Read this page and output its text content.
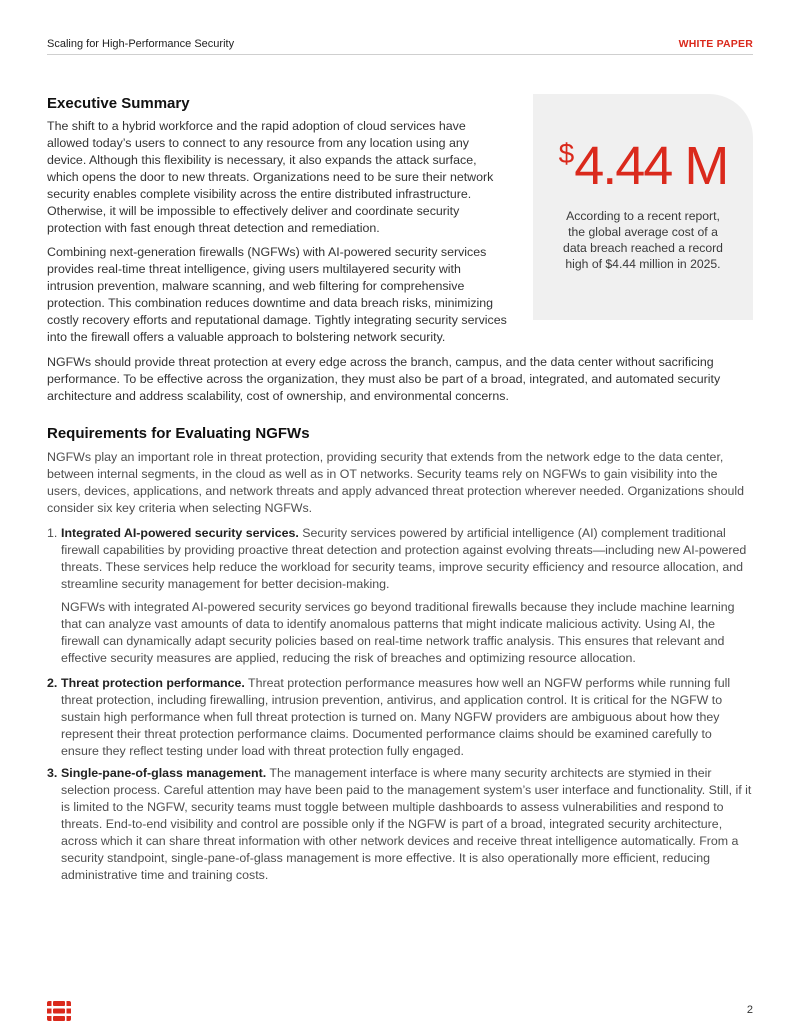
Scaling for High-Performance Security	WHITE PAPER
Executive Summary

The shift to a hybrid workforce and the rapid adoption of cloud services have allowed today’s users to connect to any resource from any location using any device. Although this flexibility is necessary, it also expands the attack surface, which opens the door to new threats. Organizations need to be sure their network security enables complete visibility across the entire distributed infrastructure. Otherwise, it will be impossible to effectively deliver and coordinate security protection with fast enough threat detection and remediation.

Combining next-generation firewalls (NGFWs) with AI-powered security services provides real-time threat intelligence, giving users multilayered security with intrusion prevention, malware scanning, and web filtering for comprehensive protection. This combination reduces downtime and data breach risks, minimizing costly recovery efforts and reputational damage. Tightly integrating security services into the firewall offers a valuable approach to bolstering network security.

$4.44 M

According to a recent report, the global average cost of a data breach reached a record high of $4.44 million in 2025.

NGFWs should provide threat protection at every edge across the branch, campus, and the data center without sacrificing performance. To be effective across the organization, they must also be part of a broad, integrated, and automated security architecture and address scalability, cost of ownership, and environmental concerns.

Requirements for Evaluating NGFWs

NGFWs play an important role in threat protection, providing security that extends from the network edge to the data center, between internal segments, in the cloud as well as in OT networks. Security teams rely on NGFWs to gain visibility into the users, devices, applications, and network threats and apply advanced threat protection wherever needed. Organizations should consider six key criteria when selecting NGFWs.

1. Integrated AI-powered security services. Security services powered by artificial intelligence (AI) complement traditional firewall capabilities by providing proactive threat detection and protection against evolving threats—including new AI-powered threats. These services help reduce the workload for security teams, improve security efficiency and resource allocation, and streamline security management for better decision-making.

NGFWs with integrated AI-powered security services go beyond traditional firewalls because they include machine learning that can analyze vast amounts of data to identify anomalous patterns that might indicate malicious activity. Using AI, the firewall can dynamically adapt security policies based on real-time network traffic analysis. This ensures that relevant and effective security measures are applied, reducing the risk of breaches and optimizing resource allocation.

2. Threat protection performance. Threat protection performance measures how well an NGFW performs while running full threat protection, including firewalling, intrusion prevention, antivirus, and application control. It is critical for the NGFW to sustain high performance when full threat protection is turned on. Many NGFW providers are ambiguous about how they represent their threat protection performance claims. Documented performance claims should be examined carefully to ensure they reflect testing under load with threat protection fully engaged.

3. Single-pane-of-glass management. The management interface is where many security architects are stymied in their selection process. Careful attention may have been paid to the management system’s user interface and functionality. Still, if it is limited to the NGFW, security teams must toggle between multiple dashboards to assess vulnerabilities and respond to threats. End-to-end visibility and control are possible only if the NGFW is part of a broad, integrated security architecture, across which it can share threat information with other network devices and receive threat intelligence automatically. From a security standpoint, single-pane-of-glass management is more effective. It is also operationally more efficient, reducing administrative time and training costs.

2
